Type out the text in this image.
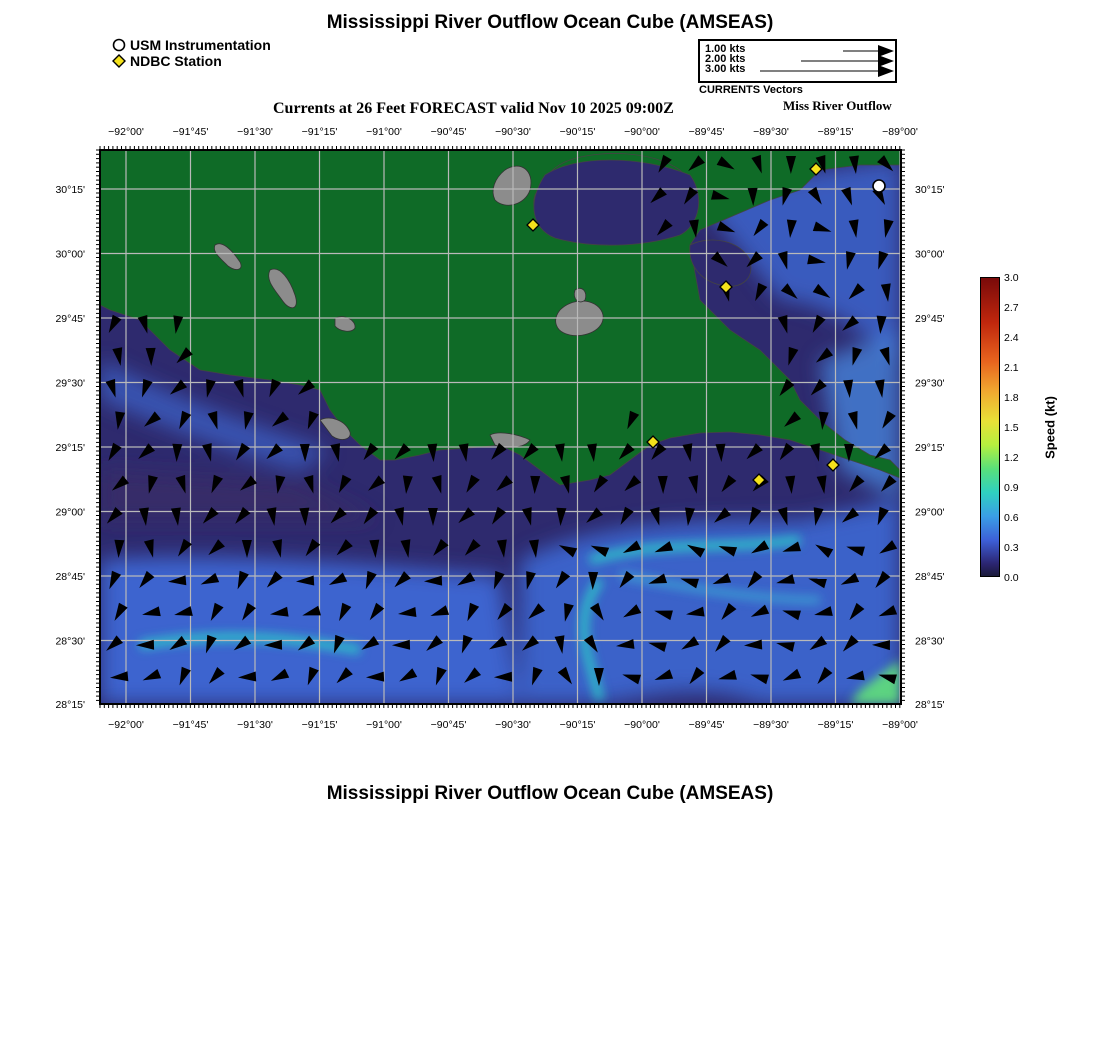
Mississippi River Outflow Ocean Cube (AMSEAS)
USM Instrumentation
NDBC Station
1.00 kts
2.00 kts
3.00 kts
CURRENTS Vectors
Currents at 26 Feet FORECAST valid Nov 10 2025 09:00Z	Miss River Outflow
−92°00'	−91°45'	−91°30'	−91°15'	−91°00'	−90°45'	−90°30'	−90°15'	−90°00'	−89°45'	−89°30'	−89°15'	−89°00'
−92°00'	−91°45'	−91°30'	−91°15'	−91°00'	−90°45'	−90°30'	−90°15'	−90°00'	−89°45'	−89°30'	−89°15'	−89°00'
30°15'
30°00'
29°45'
29°30'
29°15'
29°00'
28°45'
28°30'
28°15'
30°15'
30°00'
29°45'
29°30'
29°15'
29°00'
28°45'
28°30'
28°15'
3.0
2.7
2.4
2.1
1.8
1.5
1.2
0.9
0.6
0.3
0.0
Speed (kt)
Mississippi River Outflow Ocean Cube (AMSEAS)
